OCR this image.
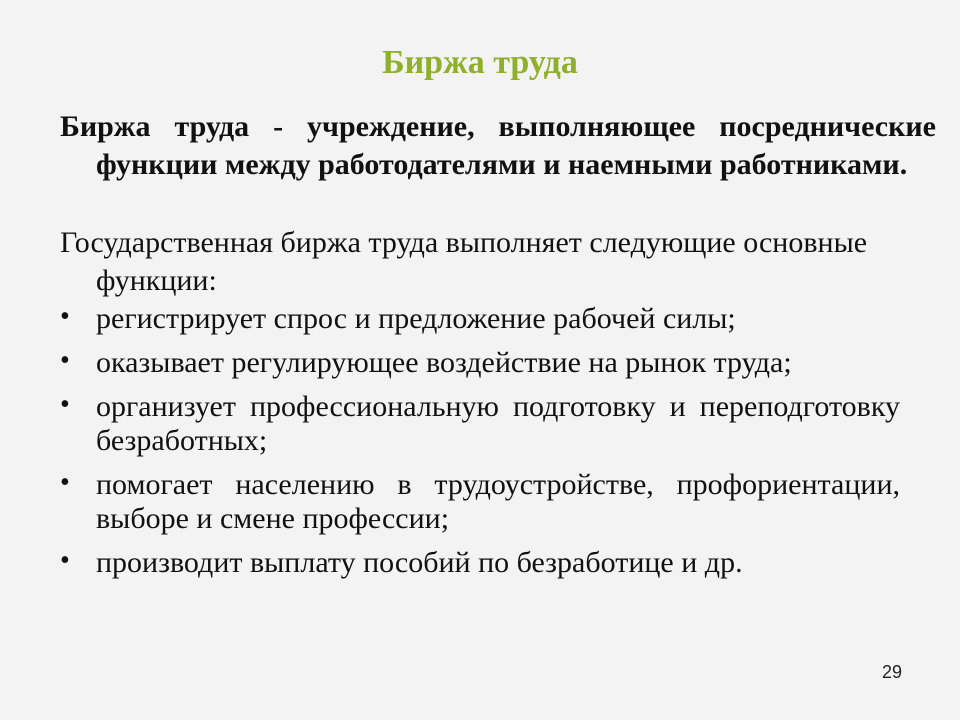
Биржа труда
Биржа труда - учреждение, выполняющее посреднические функции между работодателями и наемными работниками.
Государственная биржа труда выполняет следующие основные функции:
• регистрирует спрос и предложение рабочей силы;
• оказывает регулирующее воздействие на рынок труда;
• организует профессиональную подготовку и переподготовку безработных;
• помогает населению в трудоустройстве, профориентации, выборе и смене профессии;
• производит выплату пособий по безработице и др.
29
